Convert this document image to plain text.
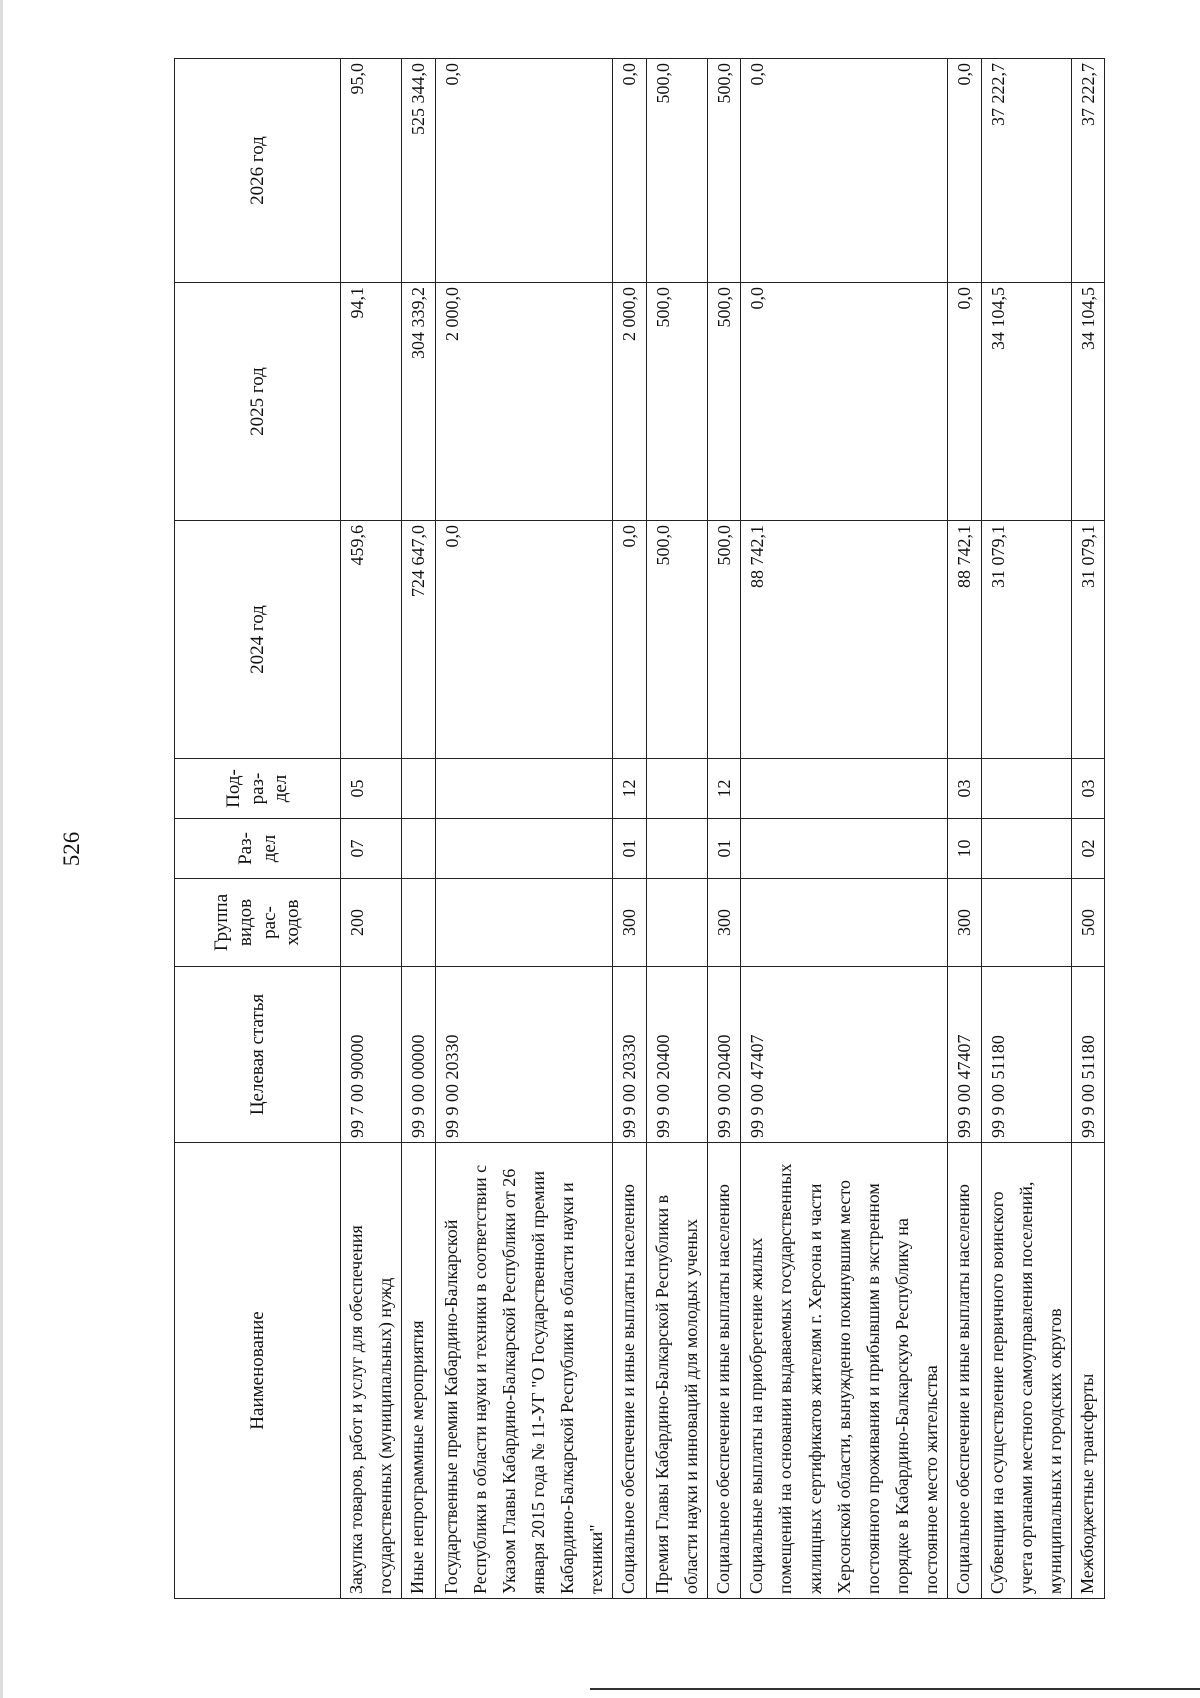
526
Наименование	Целевая статья	Группа видов рас- ходов	Раз- дел	Под- раз- дел	2024 год	2025 год	2026 год
Закупка товаров, работ и услуг для обеспечения государственных (муниципальных) нужд	99 7 00 90000	200	07	05	459,6	94,1	95,0
Иные непрограммные мероприятия	99 9 00 00000				724 647,0	304 339,2	525 344,0
Государственные премии Кабардино-Балкарской Республики в области науки и техники в соответствии с Указом Главы Кабардино-Балкарской Республики от 26 января 2015 года № 11-УГ "О Государственной премии Кабардино-Балкарской Республики в области науки и техники"	99 9 00 20330				0,0	2 000,0	0,0
Социальное обеспечение и иные выплаты населению	99 9 00 20330	300	01	12	0,0	2 000,0	0,0
Премия Главы Кабардино-Балкарской Республики в области науки и инноваций для молодых ученых	99 9 00 20400				500,0	500,0	500,0
Социальное обеспечение и иные выплаты населению	99 9 00 20400	300	01	12	500,0	500,0	500,0
Социальные выплаты на приобретение жилых помещений на основании выдаваемых государственных жилищных сертификатов жителям г. Херсона и части Херсонской области, вынужденно покинувшим место постоянного проживания и прибывшим в экстренном порядке в Кабардино-Балкарскую Республику на постоянное место жительства	99 9 00 47407				88 742,1	0,0	0,0
Социальное обеспечение и иные выплаты населению	99 9 00 47407	300	10	03	88 742,1	0,0	0,0
Субвенции на осуществление первичного воинского учета органами местного самоуправления поселений, муниципальных и городских округов	99 9 00 51180				31 079,1	34 104,5	37 222,7
Межбюджетные трансферты	99 9 00 51180	500	02	03	31 079,1	34 104,5	37 222,7
